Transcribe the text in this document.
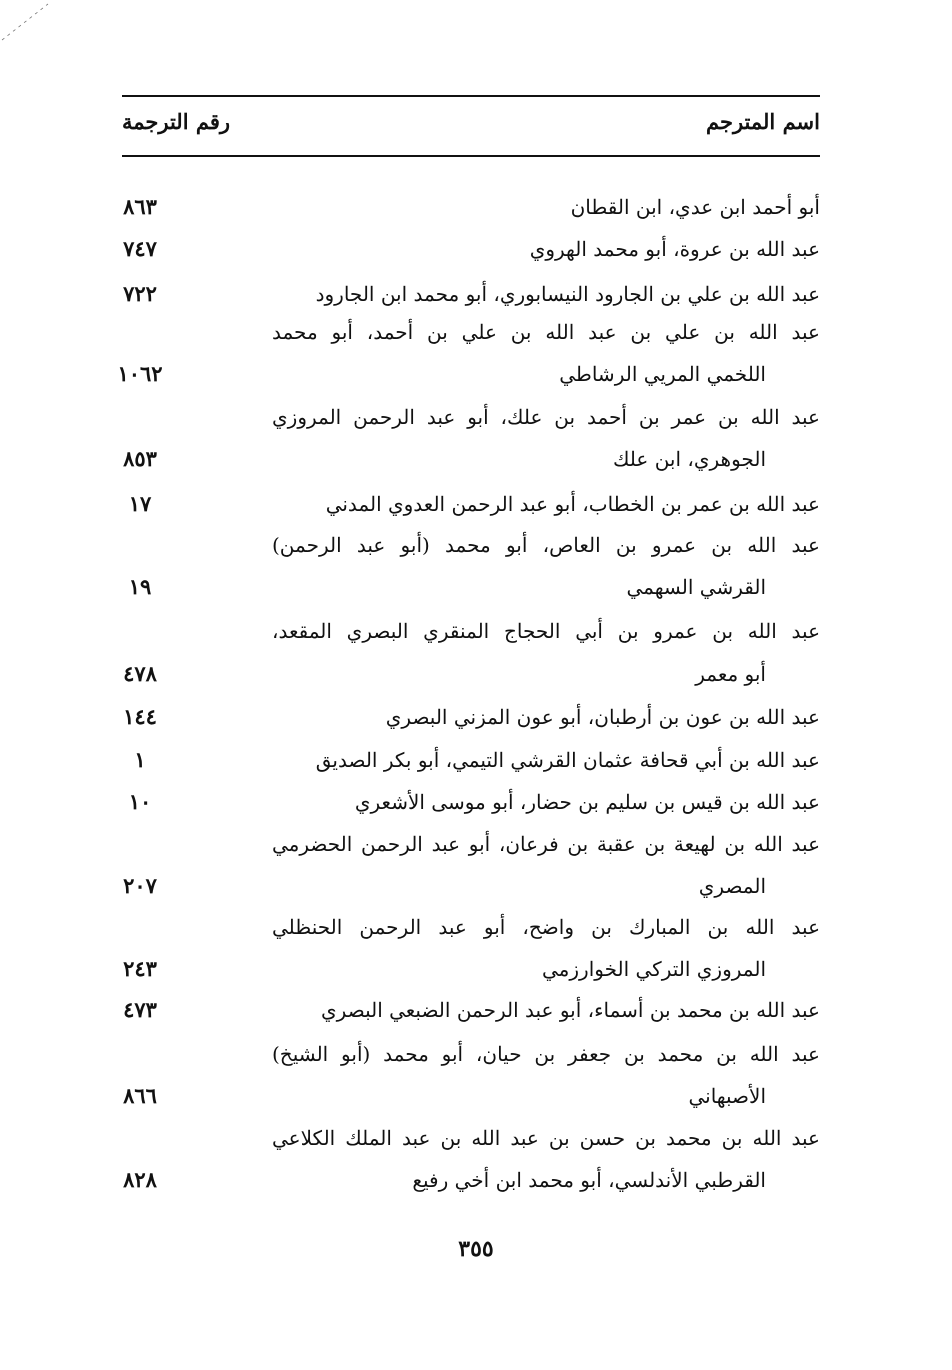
اسم المترجم
رقم الترجمة
أبو أحمد ابن عدي، ابن القطان
٨٦٣
عبد الله بن عروة، أبو محمد الهروي
٧٤٧
عبد الله بن علي بن الجارود النيسابوري، أبو محمد ابن الجارود
٧٢٢
عبد الله بن علي بن عبد الله بن علي بن أحمد، أبو محمد
اللخمي المريي الرشاطي
١٠٦٢
عبد الله بن عمر بن أحمد بن علك، أبو عبد الرحمن المروزي
الجوهري، ابن علك
٨٥٣
عبد الله بن عمر بن الخطاب، أبو عبد الرحمن العدوي المدني
١٧
عبد الله بن عمرو بن العاص، أبو محمد (أبو عبد الرحمن)
القرشي السهمي
١٩
عبد الله بن عمرو بن أبي الحجاج المنقري البصري المقعد،
أبو معمر
٤٧٨
عبد الله بن عون بن أرطبان، أبو عون المزني البصري
١٤٤
عبد الله بن أبي قحافة عثمان القرشي التيمي، أبو بكر الصديق
١
عبد الله بن قيس بن سليم بن حضار، أبو موسى الأشعري
١٠
عبد الله بن لهيعة بن عقبة بن فرعان، أبو عبد الرحمن الحضرمي
المصري
٢٠٧
عبد الله بن المبارك بن واضح، أبو عبد الرحمن الحنظلي
المروزي التركي الخوارزمي
٢٤٣
عبد الله بن محمد بن أسماء، أبو عبد الرحمن الضبعي البصري
٤٧٣
عبد الله بن محمد بن جعفر بن حيان، أبو محمد (أبو الشيخ)
الأصبهاني
٨٦٦
عبد الله بن محمد بن حسن بن عبد الله بن عبد الملك الكلاعي
القرطبي الأندلسي، أبو محمد ابن أخي رفيع
٨٢٨
٣٥٥
